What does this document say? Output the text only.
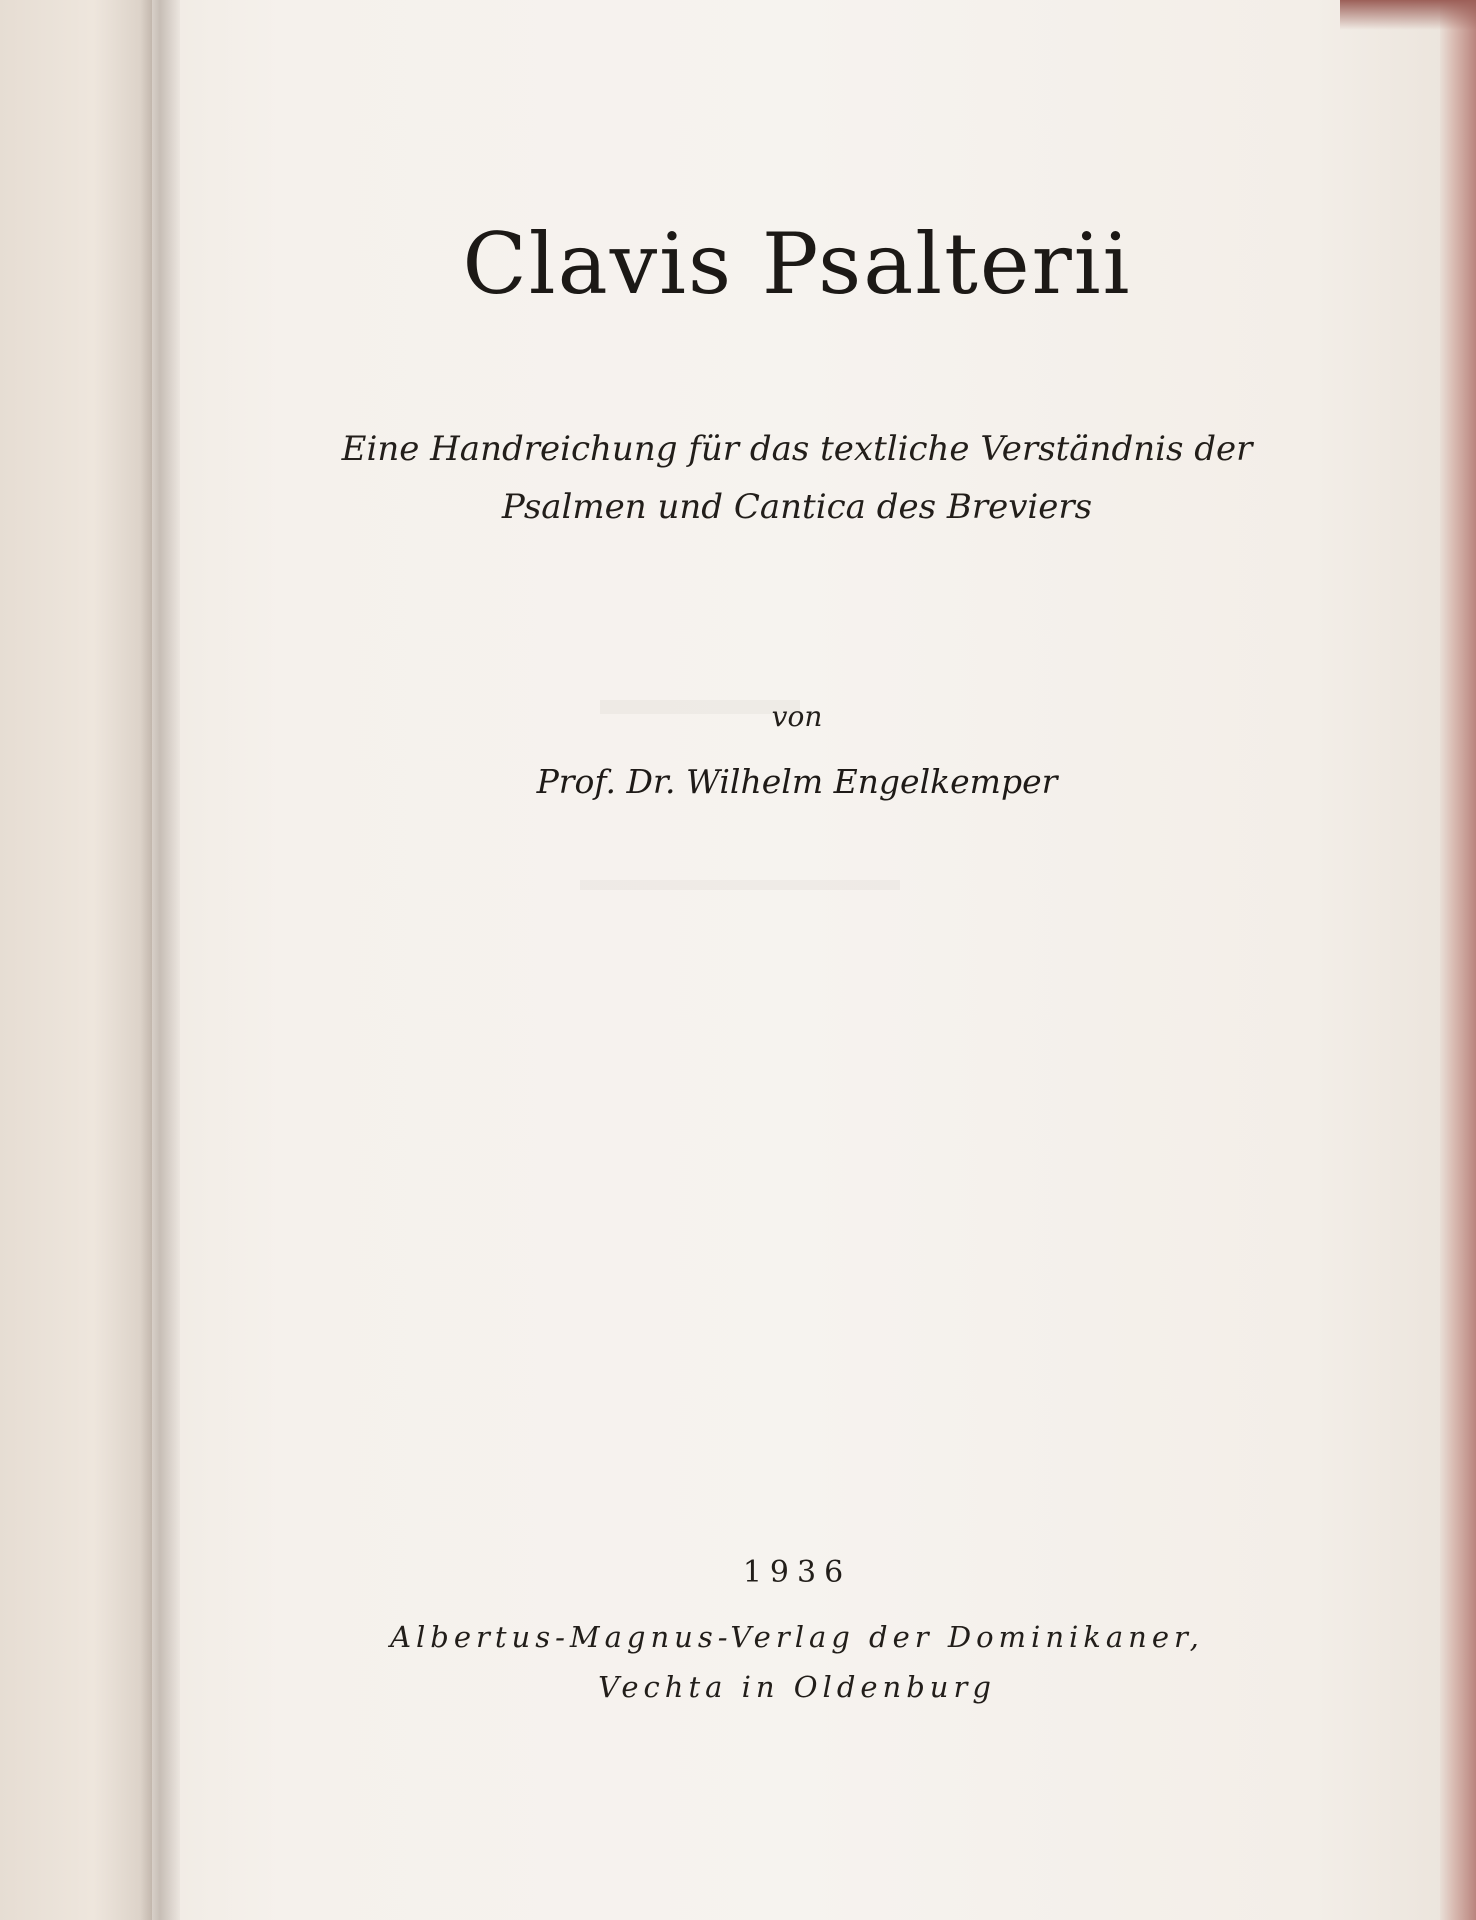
Clavis Psalterii
Eine Handreichung für das textliche Verständnis der
Psalmen und Cantica des Breviers
von
Prof. Dr. Wilhelm Engelkemper
1936
Albertus-Magnus-Verlag der Dominikaner,
Vechta in Oldenburg
